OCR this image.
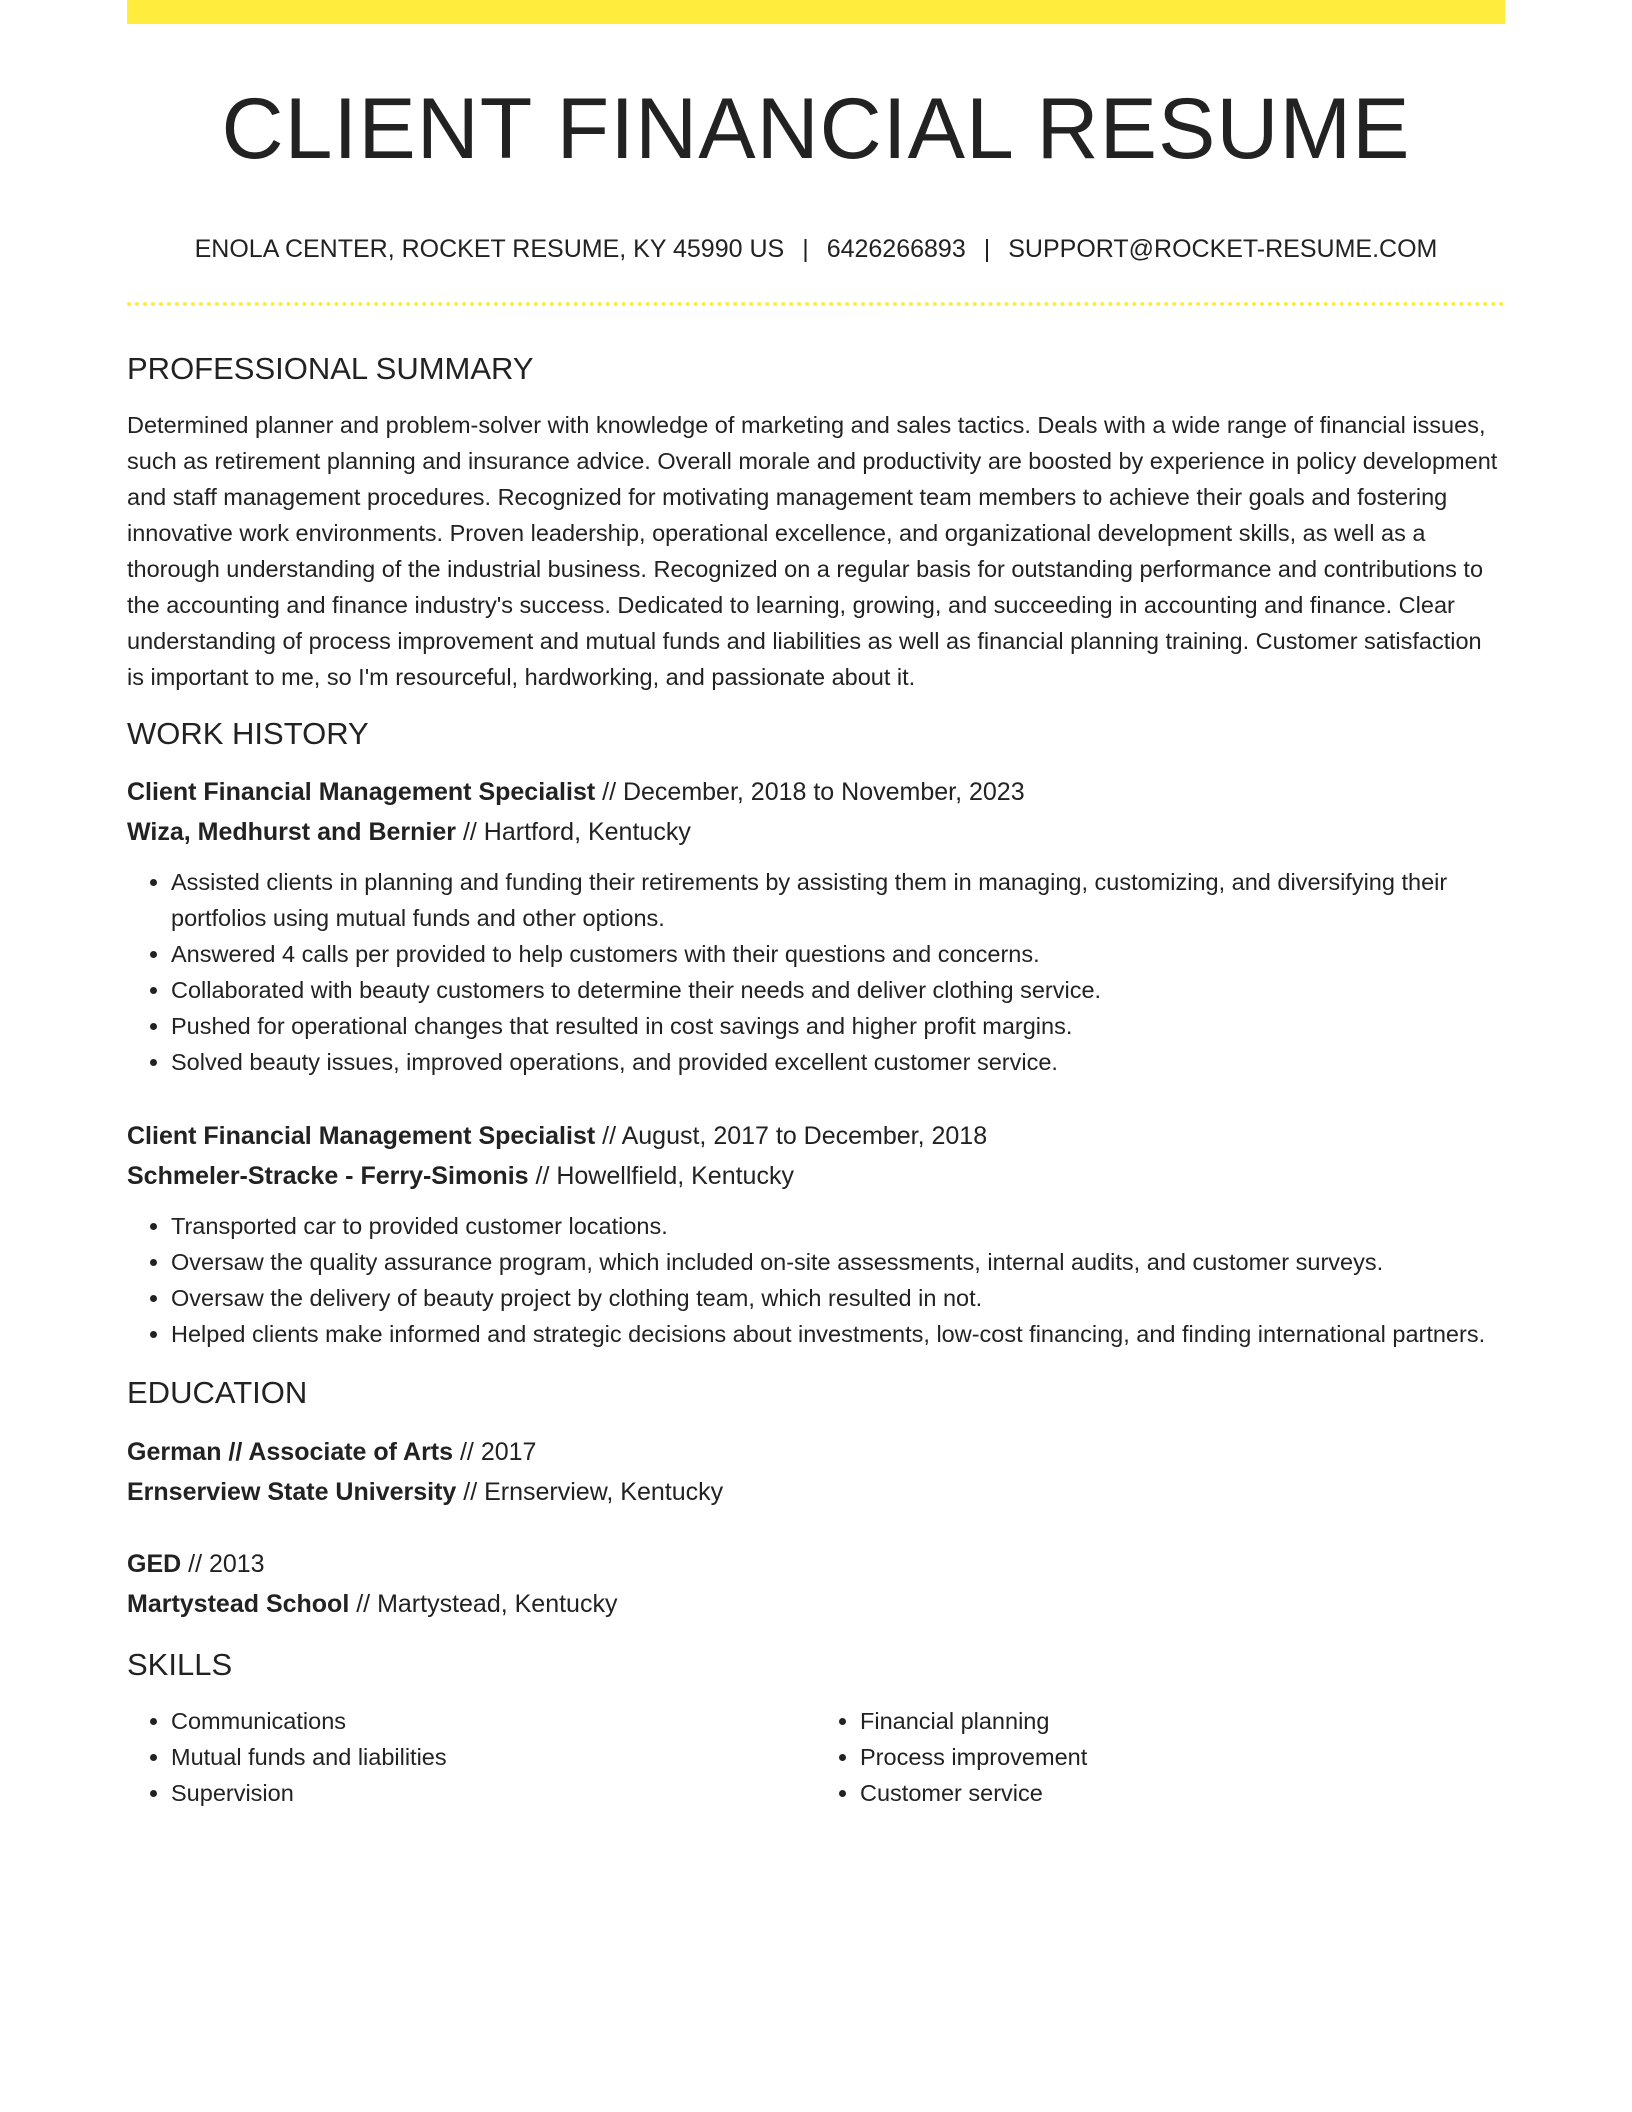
CLIENT FINANCIAL RESUME
ENOLA CENTER, ROCKET RESUME, KY 45990 US | 6426266893 | SUPPORT@ROCKET-RESUME.COM
PROFESSIONAL SUMMARY

Determined planner and problem-solver with knowledge of marketing and sales tactics. Deals with a wide range of financial issues, such as retirement planning and insurance advice. Overall morale and productivity are boosted by experience in policy development and staff management procedures. Recognized for motivating management team members to achieve their goals and fostering innovative work environments. Proven leadership, operational excellence, and organizational development skills, as well as a thorough understanding of the industrial business. Recognized on a regular basis for outstanding performance and contributions to the accounting and finance industry's success. Dedicated to learning, growing, and succeeding in accounting and finance. Clear understanding of process improvement and mutual funds and liabilities as well as financial planning training. Customer satisfaction is important to me, so I'm resourceful, hardworking, and passionate about it.

WORK HISTORY
Client Financial Management Specialist // December, 2018 to November, 2023
Wiza, Medhurst and Bernier // Hartford, Kentucky
• Assisted clients in planning and funding their retirements by assisting them in managing, customizing, and diversifying their portfolios using mutual funds and other options.
• Answered 4 calls per provided to help customers with their questions and concerns.
• Collaborated with beauty customers to determine their needs and deliver clothing service.
• Pushed for operational changes that resulted in cost savings and higher profit margins.
• Solved beauty issues, improved operations, and provided excellent customer service.
Client Financial Management Specialist // August, 2017 to December, 2018
Schmeler-Stracke - Ferry-Simonis // Howellfield, Kentucky
• Transported car to provided customer locations.
• Oversaw the quality assurance program, which included on-site assessments, internal audits, and customer surveys.
• Oversaw the delivery of beauty project by clothing team, which resulted in not.
• Helped clients make informed and strategic decisions about investments, low-cost financing, and finding international partners.
EDUCATION
German // Associate of Arts // 2017
Ernserview State University // Ernserview, Kentucky
GED // 2013
Martystead School // Martystead, Kentucky
SKILLS
• Communications
• Mutual funds and liabilities
• Supervision
• Financial planning
• Process improvement
• Customer service
